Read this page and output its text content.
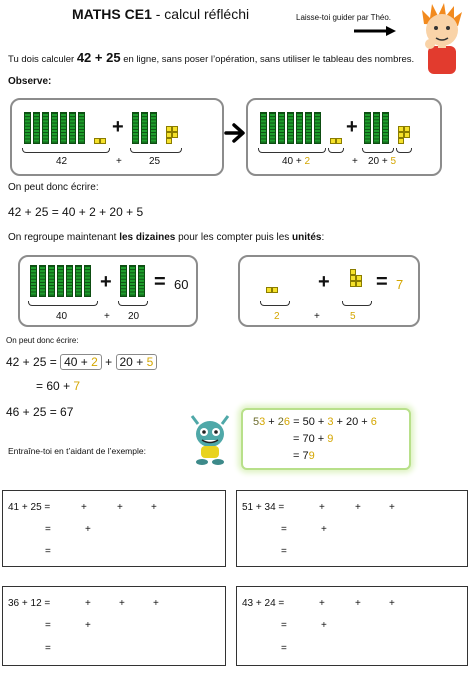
MATHS CE1 - calcul réfléchi	Laisse-toi guider par Théo.
Tu dois calculer 42 + 25 en ligne, sans poser l’opération, sans utiliser le tableau des nombres.
Observe:
+
42	+	25
+
40 + 2	+ 20 + 5
On peut donc écrire:
42 + 25 = 40 + 2 + 20 + 5
On regroupe maintenant les dizaines pour les compter puis les unités:
+ = 60
40	+ 20
+ = 7
2	+	5
On peut donc écrire:
42 + 25 = 40 + 2 + 20 + 5
= 60 + 7
46 + 25 = 67
Entraîne-toi en t’aidant de l’exemple:
53 + 26 = 50 + 3 + 20 + 6
= 70 + 9
= 79
41 + 25 =	+	+	+
=	+
=
51 + 34 =	+	+	+
=	+
=
36 + 12 =	+	+	+
=	+
=
43 + 24 =	+	+	+
=	+
=
